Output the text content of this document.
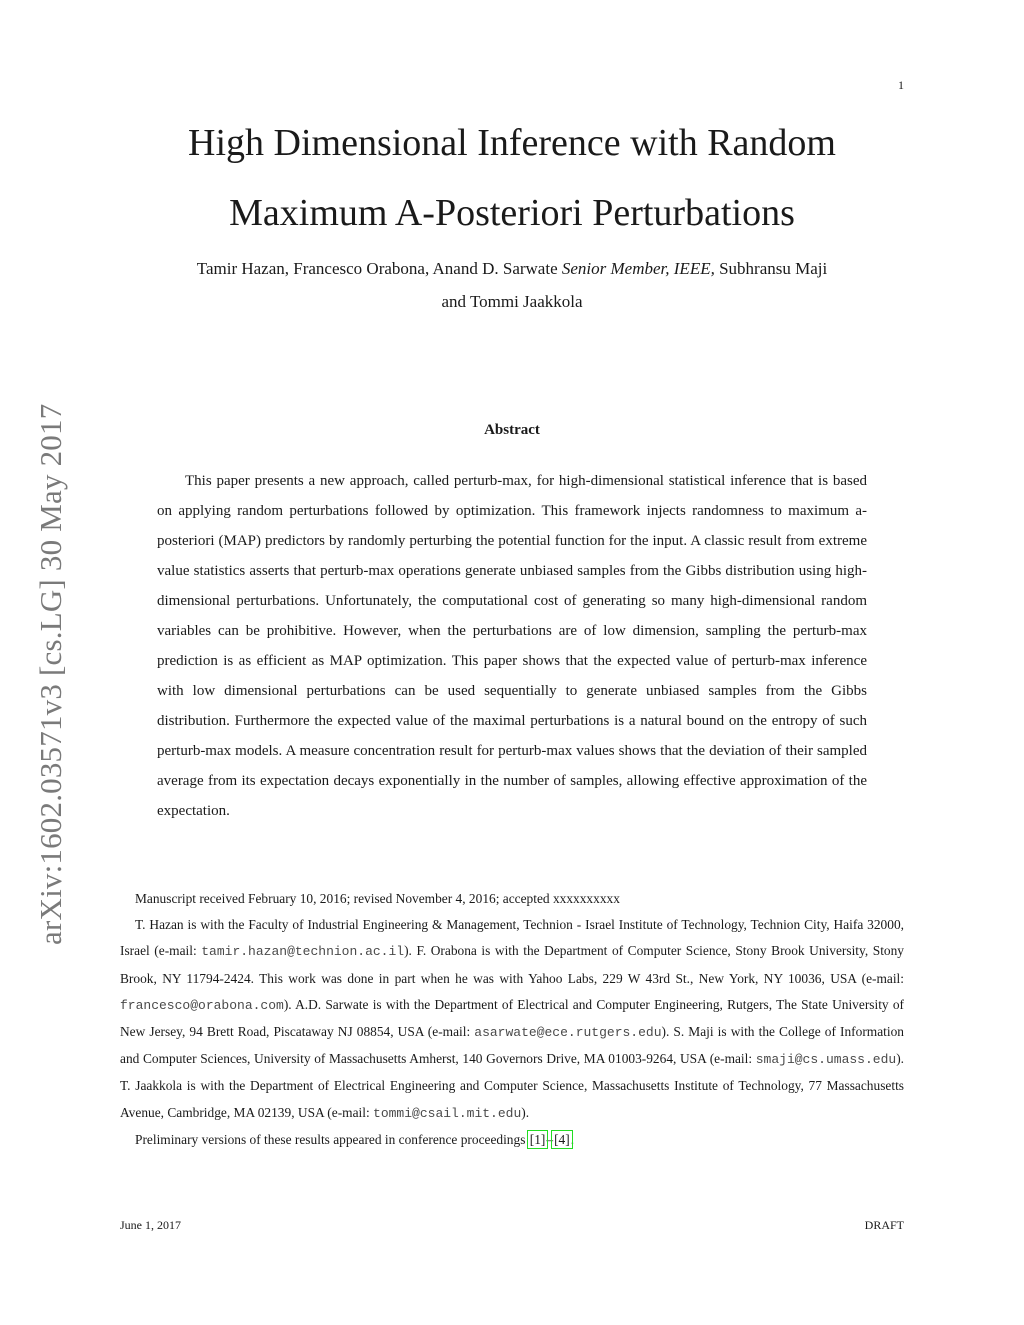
1
arXiv:1602.03571v3 [cs.LG] 30 May 2017
High Dimensional Inference with Random
Maximum A-Posteriori Perturbations
Tamir Hazan, Francesco Orabona, Anand D. Sarwate Senior Member, IEEE, Subhransu Maji
and Tommi Jaakkola
Abstract

This paper presents a new approach, called perturb-max, for high-dimensional statistical inference that is based on applying random perturbations followed by optimization. This framework injects randomness to maximum a-posteriori (MAP) predictors by randomly perturbing the potential function for the input. A classic result from extreme value statistics asserts that perturb-max operations generate unbiased samples from the Gibbs distribution using high-dimensional perturbations. Unfortunately, the computational cost of generating so many high-dimensional random variables can be prohibitive. However, when the perturbations are of low dimension, sampling the perturb-max prediction is as efficient as MAP optimization. This paper shows that the expected value of perturb-max inference with low dimensional perturbations can be used sequentially to generate unbiased samples from the Gibbs distribution. Furthermore the expected value of the maximal perturbations is a natural bound on the entropy of such perturb-max models. A measure concentration result for perturb-max values shows that the deviation of their sampled average from its expectation decays exponentially in the number of samples, allowing effective approximation of the expectation.

Manuscript received February 10, 2016; revised November 4, 2016; accepted xxxxxxxxxx

T. Hazan is with the Faculty of Industrial Engineering & Management, Technion - Israel Institute of Technology, Technion City, Haifa 32000, Israel (e-mail: tamir.hazan@technion.ac.il). F. Orabona is with the Department of Computer Science, Stony Brook University, Stony Brook, NY 11794-2424. This work was done in part when he was with Yahoo Labs, 229 W 43rd St., New York, NY 10036, USA (e-mail: francesco@orabona.com). A.D. Sarwate is with the Department of Electrical and Computer Engineering, Rutgers, The State University of New Jersey, 94 Brett Road, Piscataway NJ 08854, USA (e-mail: asarwate@ece.rutgers.edu). S. Maji is with the College of Information and Computer Sciences, University of Massachusetts Amherst, 140 Governors Drive, MA 01003-9264, USA (e-mail: smaji@cs.umass.edu). T. Jaakkola is with the Department of Electrical Engineering and Computer Science, Massachusetts Institute of Technology, 77 Massachusetts Avenue, Cambridge, MA 02139, USA (e-mail: tommi@csail.mit.edu).

Preliminary versions of these results appeared in conference proceedings [1]–[4].

June 1, 2017	DRAFT
